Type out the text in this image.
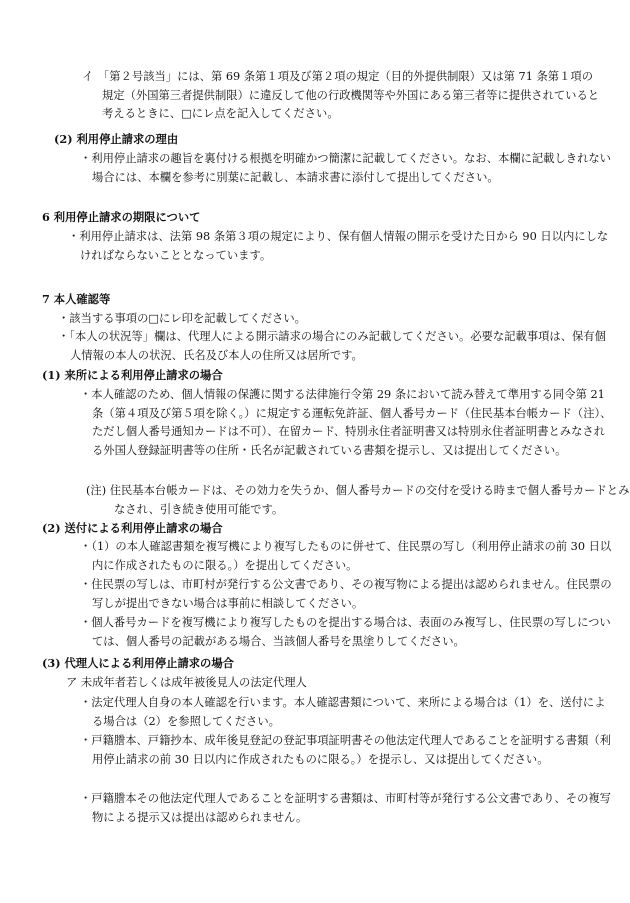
イ 「第２号該当」には、第 69 条第１項及び第２項の規定（目的外提供制限）又は第 71 条第１項の規定（外国第三者提供制限）に違反して他の行政機関等や外国にある第三者等に提供されていると考えるときに、□にレ点を記入してください。

(2) 利用停止請求の理由

・利用停止請求の趣旨を裏付ける根拠を明確かつ簡潔に記載してください。なお、本欄に記載しきれない場合には、本欄を参考に別葉に記載し、本請求書に添付して提出してください。

6 利用停止請求の期限について

・利用停止請求は、法第 98 条第３項の規定により、保有個人情報の開示を受けた日から 90 日以内にしなければならないこととなっています。

7 本人確認等

・該当する事項の□にレ印を記載してください。

・「本人の状況等」欄は、代理人による開示請求の場合にのみ記載してください。必要な記載事項は、保有個人情報の本人の状況、氏名及び本人の住所又は居所です。

(1) 来所による利用停止請求の場合

・本人確認のため、個人情報の保護に関する法律施行令第 29 条において読み替えて準用する同令第 21 条（第４項及び第５項を除く。）に規定する運転免許証、個人番号カード（住民基本台帳カード（注）、ただし個人番号通知カードは不可）、在留カード、特別永住者証明書又は特別永住者証明書とみなされる外国人登録証明書等の住所・氏名が記載されている書類を提示し、又は提出してください。

(注) 住民基本台帳カードは、その効力を失うか、個人番号カードの交付を受ける時まで個人番号カードとみなされ、引き続き使用可能です。

(2) 送付による利用停止請求の場合

・（1）の本人確認書類を複写機により複写したものに併せて、住民票の写し（利用停止請求の前 30 日以内に作成されたものに限る。）を提出してください。

・住民票の写しは、市町村が発行する公文書であり、その複写物による提出は認められません。住民票の写しが提出できない場合は事前に相談してください。

・個人番号カードを複写機により複写したものを提出する場合は、表面のみ複写し、住民票の写しについては、個人番号の記載がある場合、当該個人番号を黒塗りしてください。

(3) 代理人による利用停止請求の場合
ア 未成年者若しくは成年被後見人の法定代理人

・法定代理人自身の本人確認を行います。本人確認書類について、来所による場合は（1）を、送付による場合は（2）を参照してください。

・戸籍謄本、戸籍抄本、成年後見登記の登記事項証明書その他法定代理人であることを証明する書類（利用停止請求の前 30 日以内に作成されたものに限る。）を提示し、又は提出してください。

・戸籍謄本その他法定代理人であることを証明する書類は、市町村等が発行する公文書であり、その複写物による提示又は提出は認められません。
